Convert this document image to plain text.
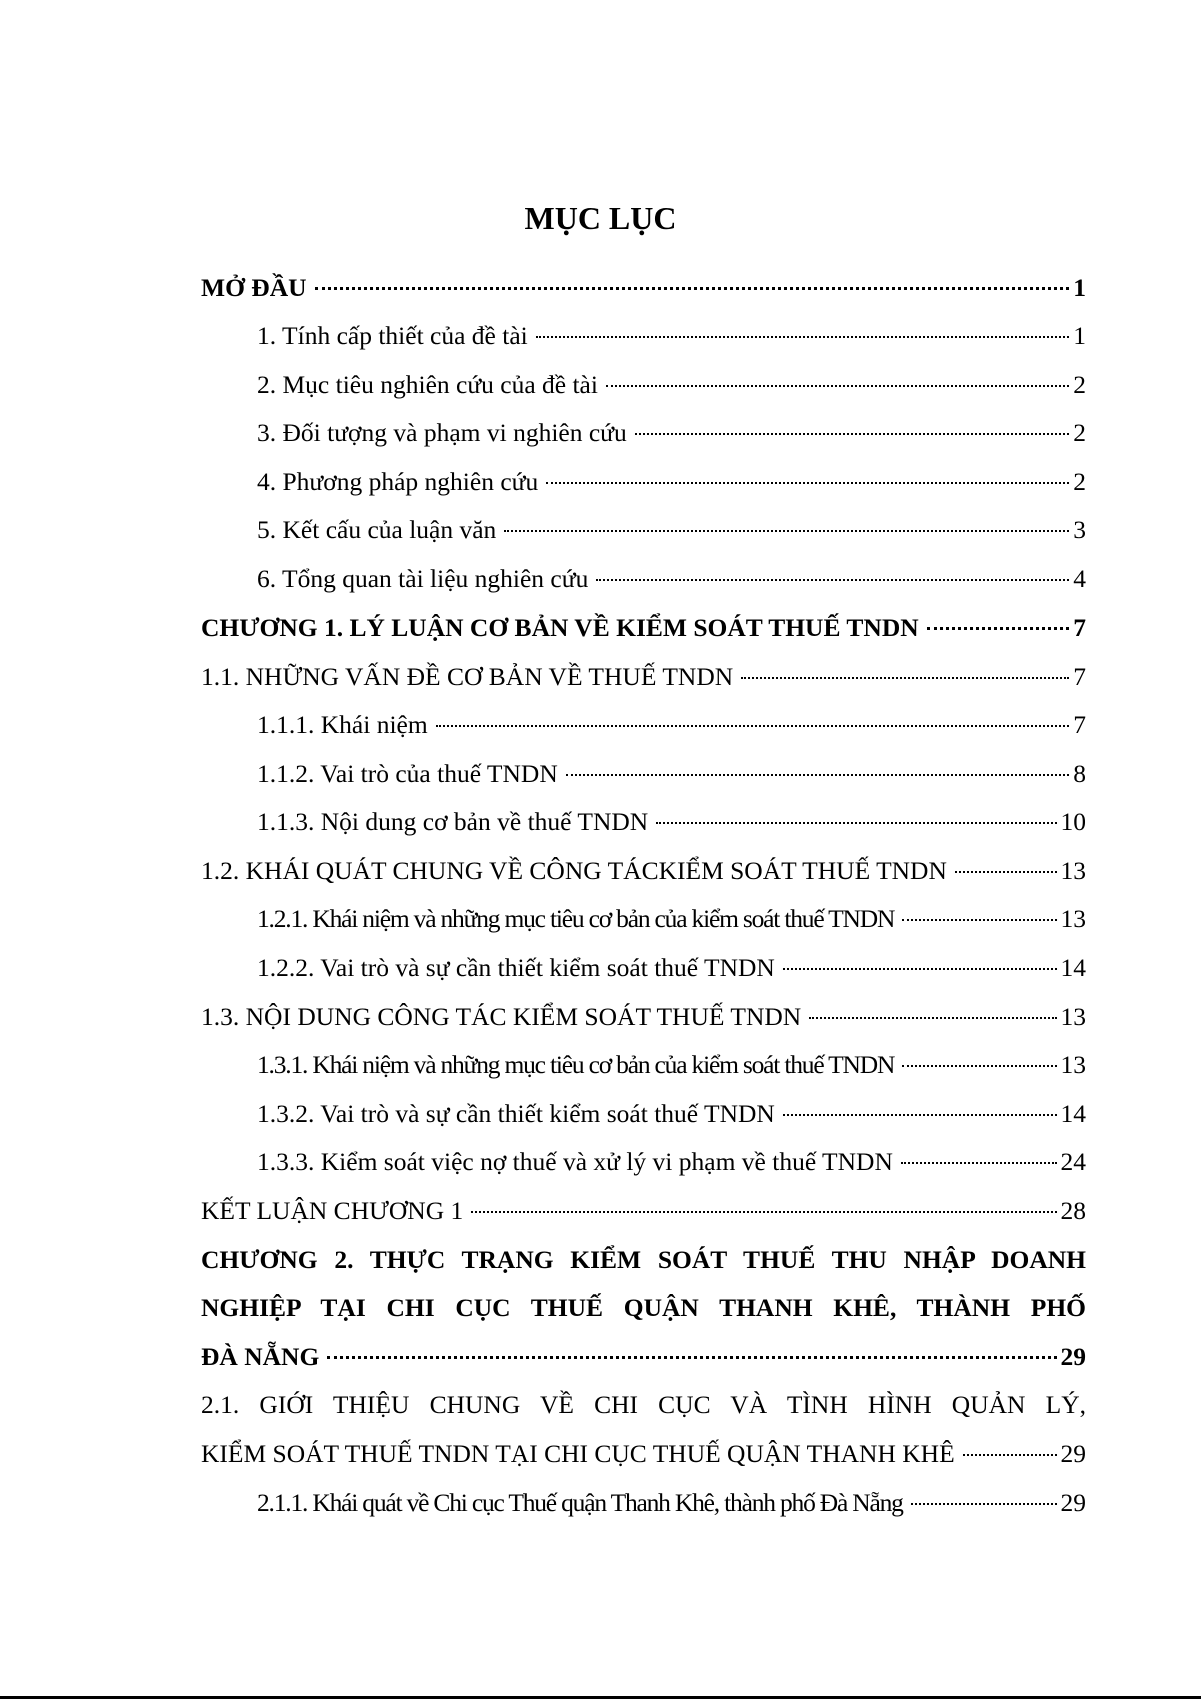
MỤC LỤC
MỞ ĐẦU	1
1. Tính cấp thiết của đề tài	1
2. Mục tiêu nghiên cứu của đề tài	2
3. Đối tượng và phạm vi nghiên cứu	2
4. Phương pháp nghiên cứu	2
5. Kết cấu của luận văn	3
6. Tổng quan tài liệu nghiên cứu	4
CHƯƠNG 1. LÝ LUẬN CƠ BẢN VỀ KIỂM SOÁT THUẾ TNDN	7
1.1. NHỮNG VẤN ĐỀ CƠ BẢN VỀ THUẾ TNDN	7
1.1.1. Khái niệm	7
1.1.2. Vai trò của thuế TNDN	8
1.1.3. Nội dung cơ bản về thuế TNDN	10
1.2. KHÁI QUÁT CHUNG VỀ CÔNG TÁCKIỂM SOÁT THUẾ TNDN	13
1.2.1. Khái niệm và những mục tiêu cơ bản của kiểm soát thuế TNDN	13
1.2.2. Vai trò và sự cần thiết kiểm soát thuế TNDN	14
1.3. NỘI DUNG CÔNG TÁC KIỂM SOÁT THUẾ TNDN	13
1.3.1. Khái niệm và những mục tiêu cơ bản của kiểm soát thuế TNDN	13
1.3.2. Vai trò và sự cần thiết kiểm soát thuế TNDN	14
1.3.3. Kiểm soát việc nợ thuế và xử lý vi phạm về thuế TNDN	24
KẾT LUẬN CHƯƠNG 1	28
CHƯƠNG 2. THỰC TRẠNG KIỂM SOÁT THUẾ THU NHẬP DOANH
NGHIỆP TẠI CHI CỤC THUẾ QUẬN THANH KHÊ, THÀNH PHỐ
ĐÀ NẴNG	29
2.1. GIỚI THIỆU CHUNG VỀ CHI CỤC VÀ TÌNH HÌNH QUẢN LÝ,
KIỂM SOÁT THUẾ TNDN TẠI CHI CỤC THUẾ QUẬN THANH KHÊ	29
2.1.1. Khái quát về Chi cục Thuế quận Thanh Khê, thành phố Đà Nẵng	29
